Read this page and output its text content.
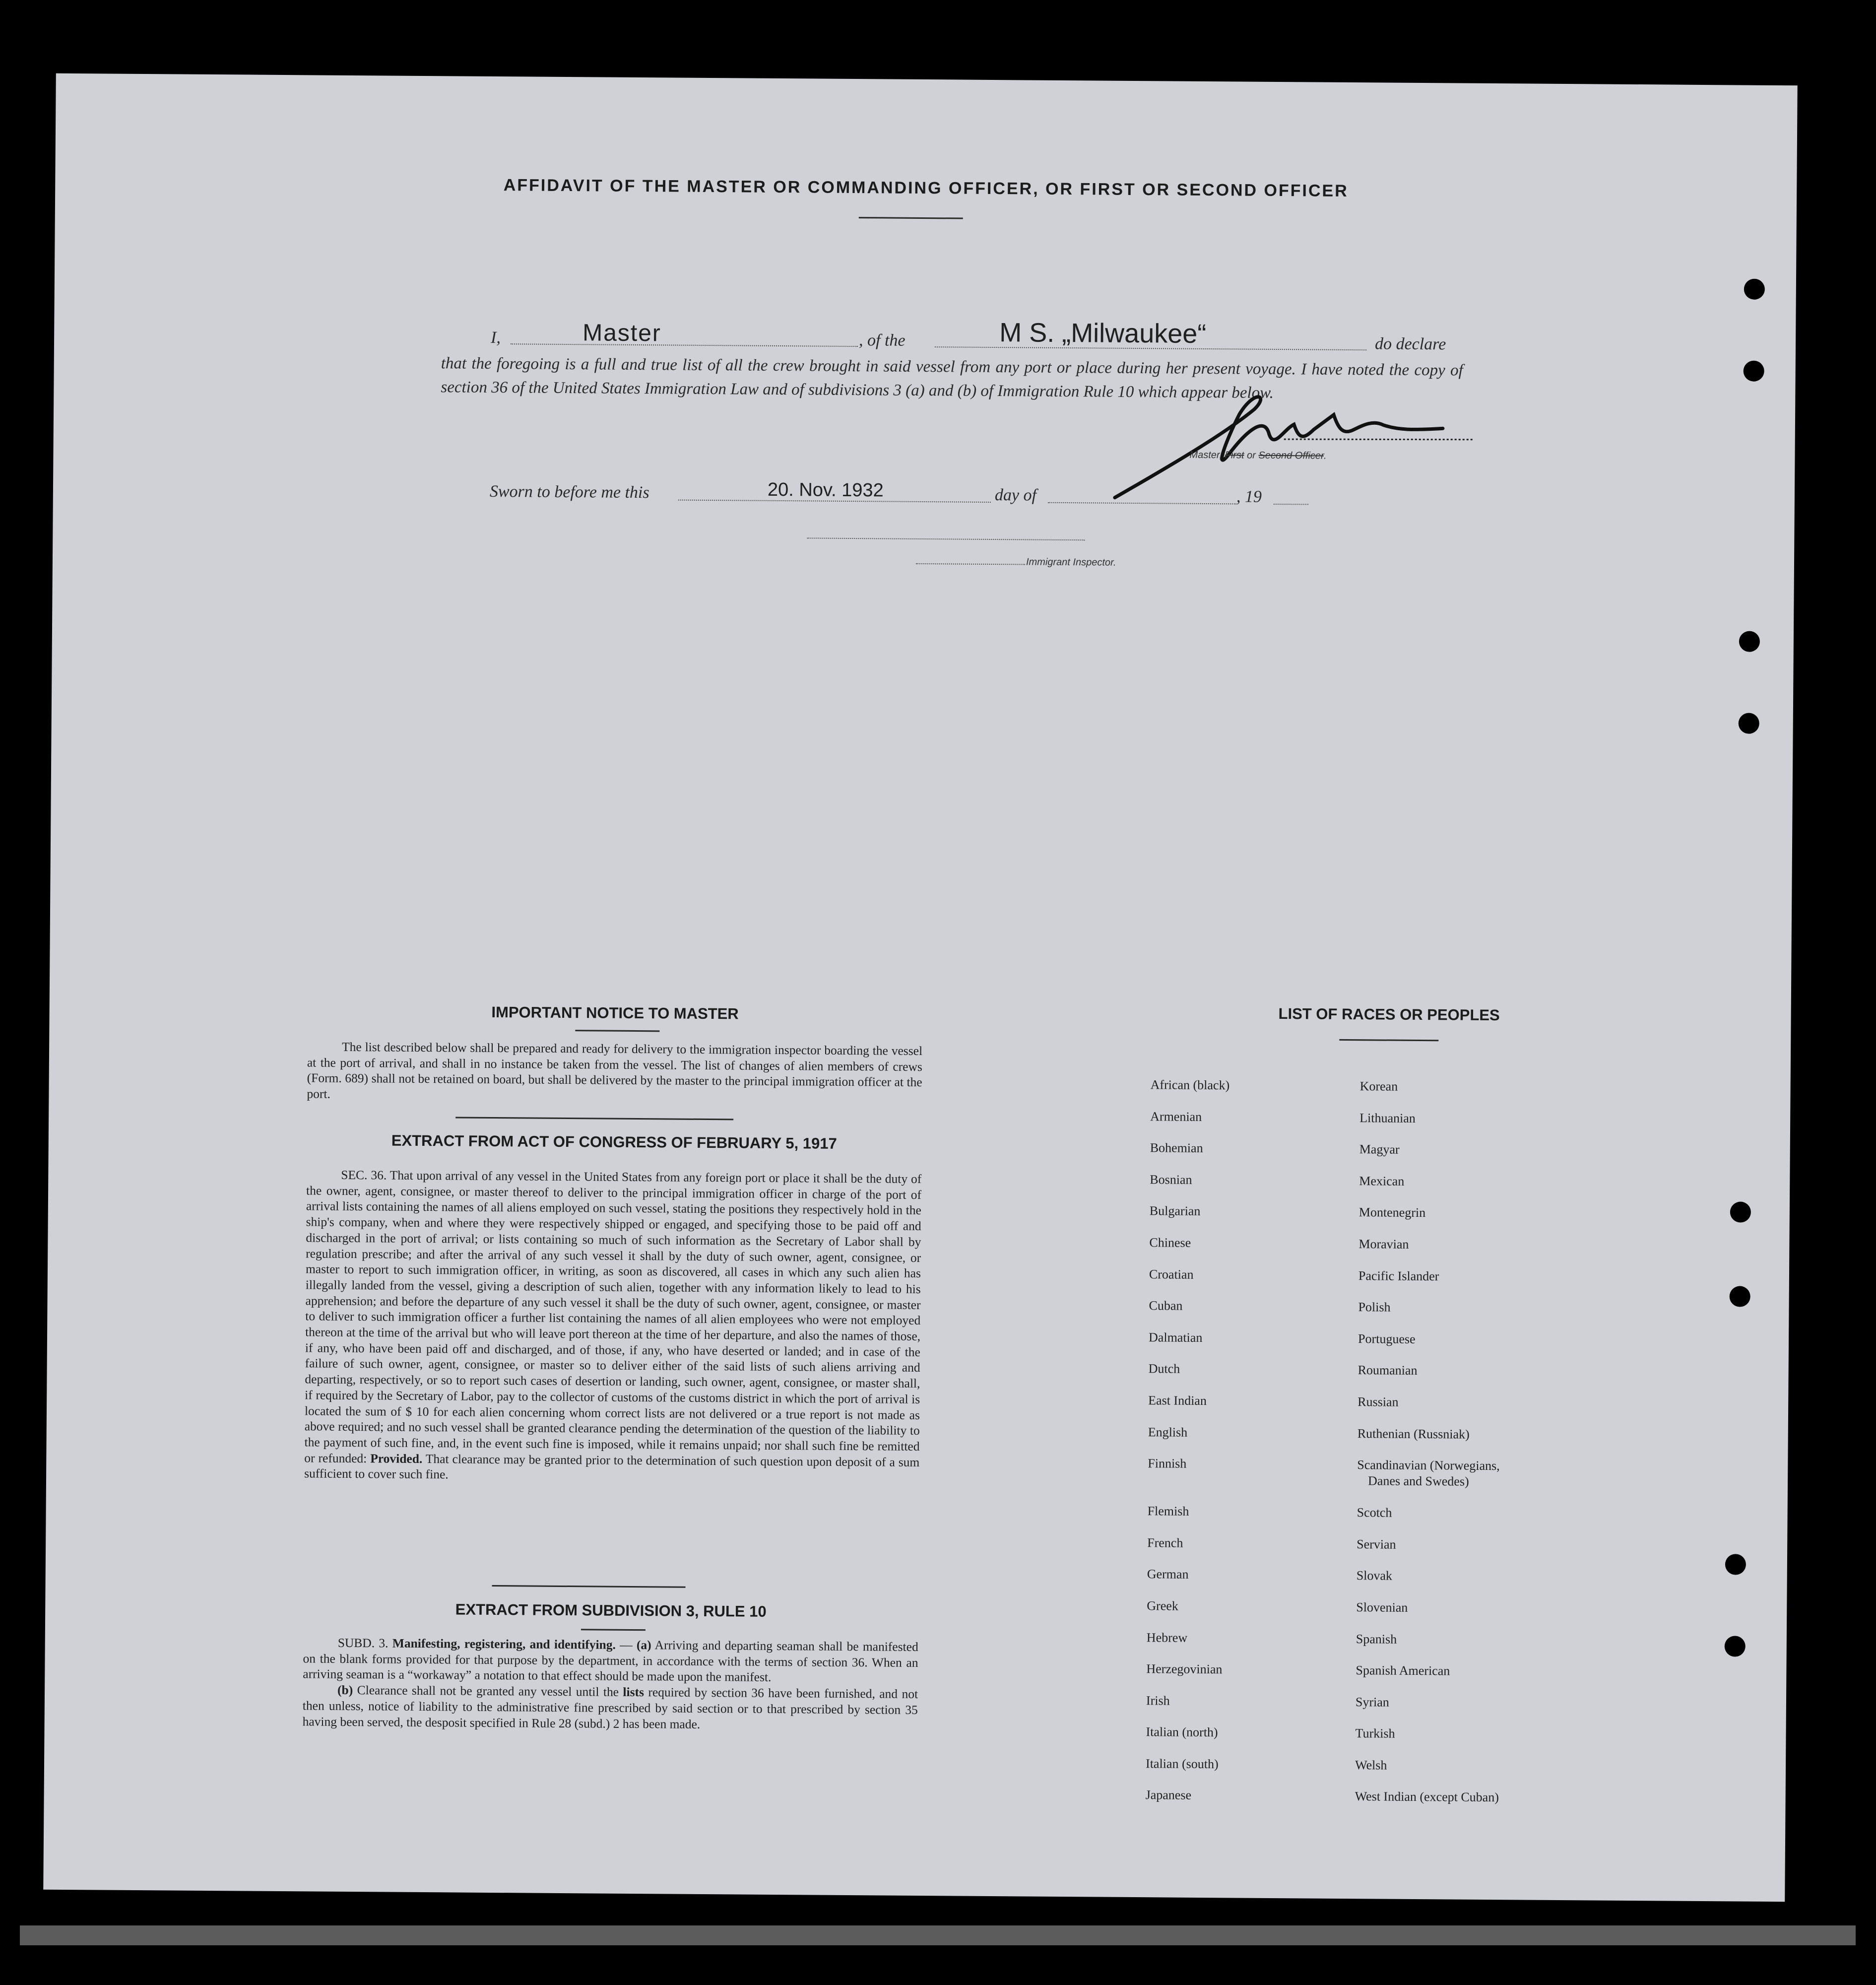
AFFIDAVIT OF THE MASTER OR COMMANDING OFFICER, OR FIRST OR SECOND OFFICER
I,	Master	, of the	M S. „Milwaukee“	do declare
that the foregoing is a full and true list of all the crew brought in said vessel from any port or place during her present voyage. I have noted the copy of section 36 of the United States Immigration Law and of subdivisions 3 (a) and (b) of Immigration Rule 10 which appear below.
Master, First or Second Officer.
Sworn to before me this	20. Nov. 1932	day of	, 19
Immigrant Inspector.
IMPORTANT NOTICE TO MASTER

The list described below shall be prepared and ready for delivery to the immigration inspector boarding the vessel at the port of arrival, and shall in no instance be taken from the vessel. The list of changes of alien members of crews (Form. 689) shall not be retained on board, but shall be delivered by the master to the principal immigration officer at the port.

EXTRACT FROM ACT OF CONGRESS OF FEBRUARY 5, 1917

SEC. 36. That upon arrival of any vessel in the United States from any foreign port or place it shall be the duty of the owner, agent, consignee, or master thereof to deliver to the principal immigration officer in charge of the port of arrival lists containing the names of all aliens employed on such vessel, stating the positions they respectively hold in the ship's company, when and where they were respectively shipped or engaged, and specifying those to be paid off and discharged in the port of arrival; or lists containing so much of such information as the Secretary of Labor shall by regulation prescribe; and after the arrival of any such vessel it shall by the duty of such owner, agent, consignee, or master to report to such immigration officer, in writing, as soon as discovered, all cases in which any such alien has illegally landed from the vessel, giving a description of such alien, together with any information likely to lead to his apprehension; and before the departure of any such vessel it shall be the duty of such owner, agent, consignee, or master to deliver to such immigration officer a further list containing the names of all alien employees who were not employed thereon at the time of the arrival but who will leave port thereon at the time of her departure, and also the names of those, if any, who have been paid off and discharged, and of those, if any, who have deserted or landed; and in case of the failure of such owner, agent, consignee, or master so to deliver either of the said lists of such aliens arriving and departing, respectively, or so to report such cases of desertion or landing, such owner, agent, consignee, or master shall, if required by the Secretary of Labor, pay to the collector of customs of the customs district in which the port of arrival is located the sum of $ 10 for each alien concerning whom correct lists are not delivered or a true report is not made as above required; and no such vessel shall be granted clearance pending the determination of the question of the liability to the payment of such fine, and, in the event such fine is imposed, while it remains unpaid; nor shall such fine be remitted or refunded: Provided. That clearance may be granted prior to the determination of such question upon deposit of a sum sufficient to cover such fine.

EXTRACT FROM SUBDIVISION 3, RULE 10

SUBD. 3. Manifesting, registering, and identifying. — (a) Arriving and departing seaman shall be manifested on the blank forms provided for that purpose by the department, in accordance with the terms of section 36. When an arriving seaman is a “workaway” a notation to that effect should be made upon the manifest.

(b) Clearance shall not be granted any vessel until the lists required by section 36 have been furnished, and not then unless, notice of liability to the administrative fine prescribed by said section or to that prescribed by section 35 having been served, the desposit specified in Rule 28 (subd.) 2 has been made.

LIST OF RACES OR PEOPLES
African (black)
Armenian
Bohemian
Bosnian
Bulgarian
Chinese
Croatian
Cuban
Dalmatian
Dutch
East Indian
English
Finnish
Flemish
French
German
Greek
Hebrew
Herzegovinian
Irish
Italian (north)
Italian (south)
Japanese
Korean
Lithuanian
Magyar
Mexican
Montenegrin
Moravian
Pacific Islander
Polish
Portuguese
Roumanian
Russian
Ruthenian (Russniak)
Scandinavian (Norwegians,
Danes and Swedes)
Scotch
Servian
Slovak
Slovenian
Spanish
Spanish American
Syrian
Turkish
Welsh
West Indian (except Cuban)
